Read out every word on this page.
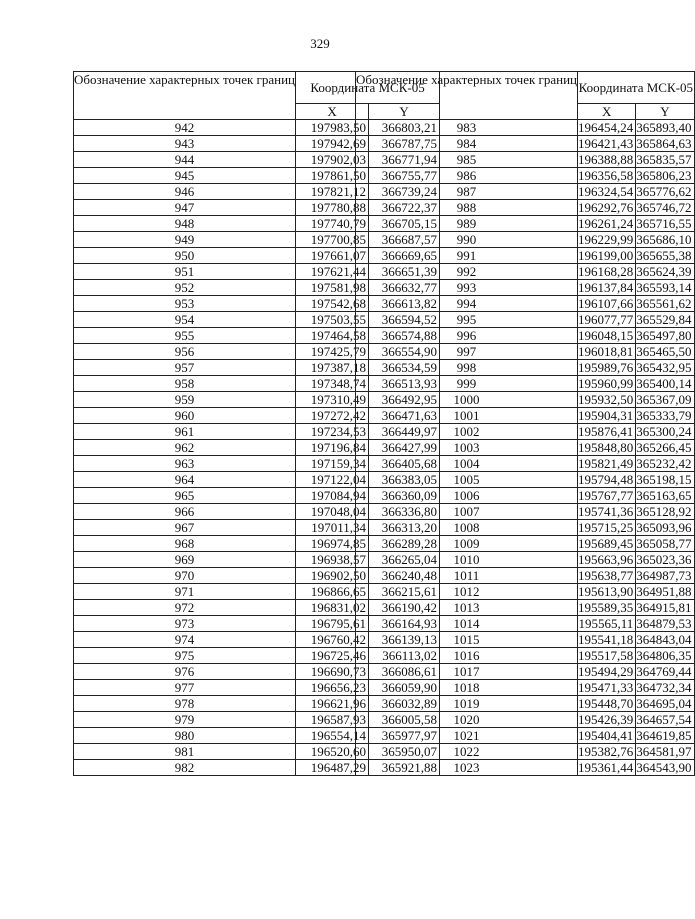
329
Обозначение характерных точек границ	Координата МСК-05	
	X	Y
942	197983,50	366803,21
943	197942,69	366787,75
944	197902,03	366771,94
945	197861,50	366755,77
946	197821,12	366739,24
947	197780,88	366722,37
948	197740,79	366705,15
949	197700,85	366687,57
950	197661,07	366669,65
951	197621,44	366651,39
952	197581,98	366632,77
953	197542,68	366613,82
954	197503,55	366594,52
955	197464,58	366574,88
956	197425,79	366554,90
957	197387,18	366534,59
958	197348,74	366513,93
959	197310,49	366492,95
960	197272,42	366471,63
961	197234,53	366449,97
962	197196,84	366427,99
963	197159,34	366405,68
964	197122,04	366383,05
965	197084,94	366360,09
966	197048,04	366336,80
967	197011,34	366313,20
968	196974,85	366289,28
969	196938,57	366265,04
970	196902,50	366240,48
971	196866,65	366215,61
972	196831,02	366190,42
973	196795,61	366164,93
974	196760,42	366139,13
975	196725,46	366113,02
976	196690,73	366086,61
977	196656,23	366059,90
978	196621,96	366032,89
979	196587,93	366005,58
980	196554,14	365977,97
981	196520,60	365950,07
982	196487,29	365921,88
Обозначение характерных точек границ	Координата МСК-05	
	X	Y
983	196454,24	365893,40
984	196421,43	365864,63
985	196388,88	365835,57
986	196356,58	365806,23
987	196324,54	365776,62
988	196292,76	365746,72
989	196261,24	365716,55
990	196229,99	365686,10
991	196199,00	365655,38
992	196168,28	365624,39
993	196137,84	365593,14
994	196107,66	365561,62
995	196077,77	365529,84
996	196048,15	365497,80
997	196018,81	365465,50
998	195989,76	365432,95
999	195960,99	365400,14
1000	195932,50	365367,09
1001	195904,31	365333,79
1002	195876,41	365300,24
1003	195848,80	365266,45
1004	195821,49	365232,42
1005	195794,48	365198,15
1006	195767,77	365163,65
1007	195741,36	365128,92
1008	195715,25	365093,96
1009	195689,45	365058,77
1010	195663,96	365023,36
1011	195638,77	364987,73
1012	195613,90	364951,88
1013	195589,35	364915,81
1014	195565,11	364879,53
1015	195541,18	364843,04
1016	195517,58	364806,35
1017	195494,29	364769,44
1018	195471,33	364732,34
1019	195448,70	364695,04
1020	195426,39	364657,54
1021	195404,41	364619,85
1022	195382,76	364581,97
1023	195361,44	364543,90
